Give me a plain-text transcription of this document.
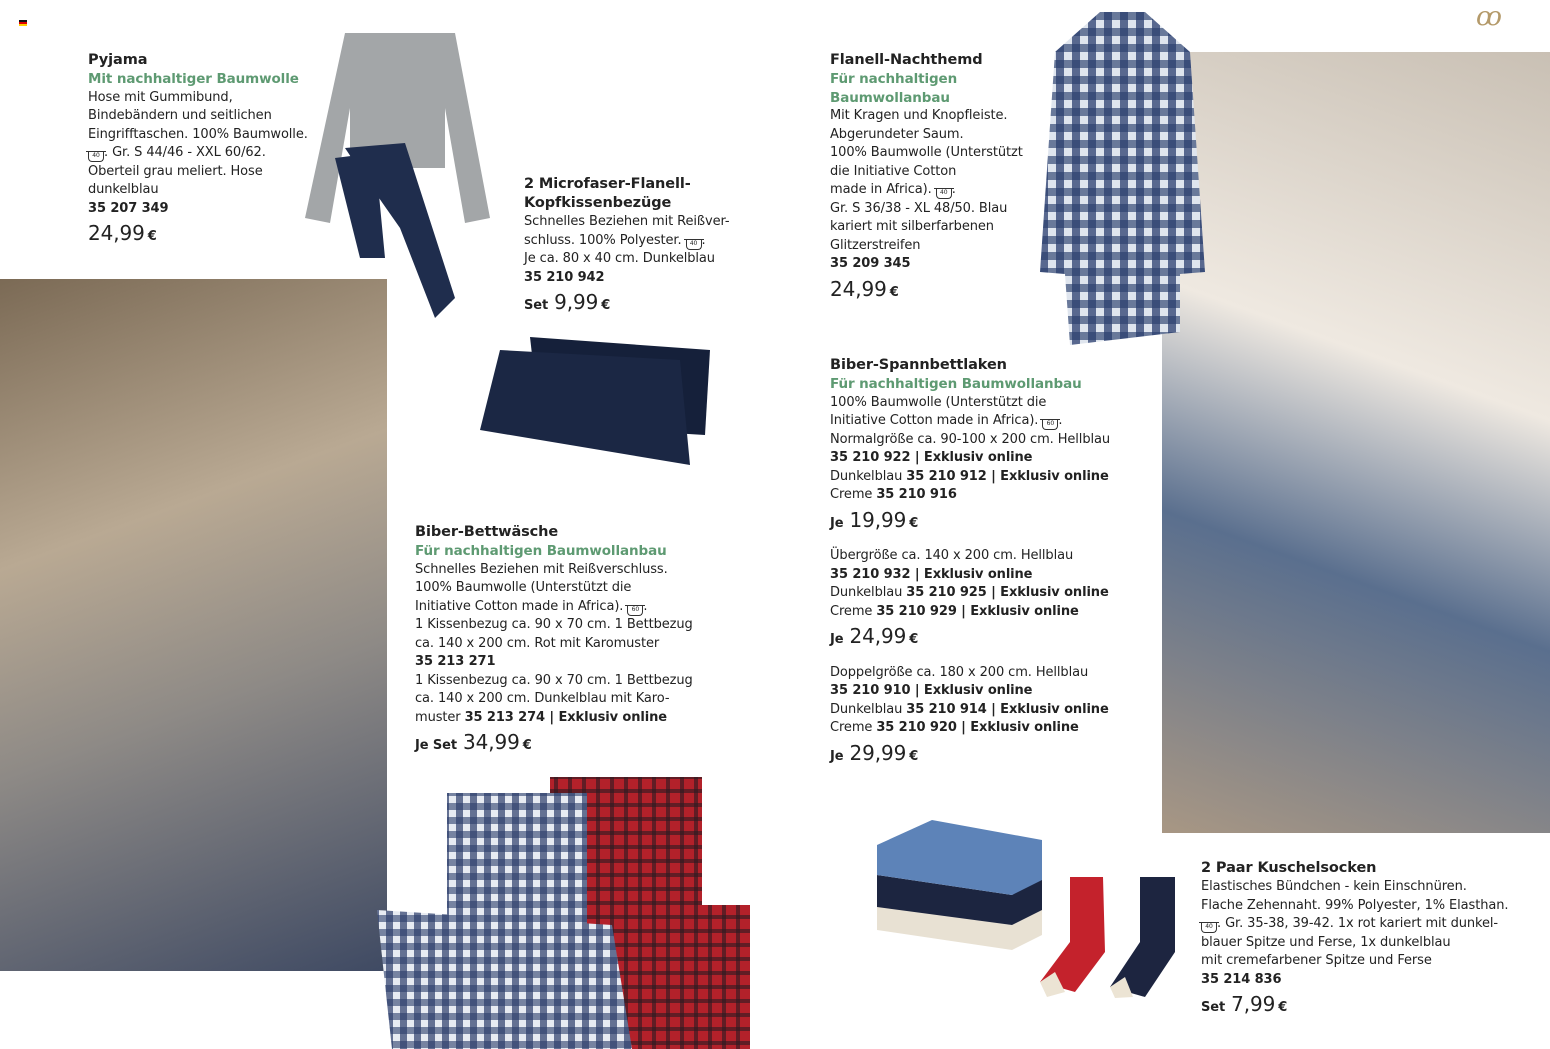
ꝏ
Pyjama
Mit nachhaltiger Baumwolle
Hose mit Gummibund,
Bindebändern und seitlichen
Eingrifftaschen. 100% Baumwolle.
40 . Gr. S 44/46 - XXL 60/62.
Oberteil grau meliert. Hose
dunkelblau
35 207 349
24,99 €
2 Microfaser-Flanell-Kopfkissenbezüge
Schnelles Beziehen mit Reißver-
schluss. 100% Polyester. 40 .
Je ca. 80 x 40 cm. Dunkelblau
35 210 942
Set 9,99 €
Flanell-Nachthemd
Für nachhaltigen Baumwollanbau
Mit Kragen und Knopfleiste.
Abgerundeter Saum.
100% Baumwolle (Unterstützt
die Initiative Cotton
made in Africa). 40 .
Gr. S 36/38 - XL 48/50. Blau
kariert mit silberfarbenen
Glitzerstreifen
35 209 345
24,99 €
Biber-Spannbettlaken
Für nachhaltigen Baumwollanbau
100% Baumwolle (Unterstützt die
Initiative Cotton made in Africa). 60 .
Normalgröße ca. 90-100 x 200 cm. Hellblau
35 210 922 | Exklusiv online
Dunkelblau 35 210 912 | Exklusiv online
Creme 35 210 916
Je 19,99 €
Übergröße ca. 140 x 200 cm. Hellblau
35 210 932 | Exklusiv online
Dunkelblau 35 210 925 | Exklusiv online
Creme 35 210 929 | Exklusiv online
Je 24,99 €
Doppelgröße ca. 180 x 200 cm. Hellblau
35 210 910 | Exklusiv online
Dunkelblau 35 210 914 | Exklusiv online
Creme 35 210 920 | Exklusiv online
Je 29,99 €
Biber-Bettwäsche
Für nachhaltigen Baumwollanbau
Schnelles Beziehen mit Reißverschluss.
100% Baumwolle (Unterstützt die
Initiative Cotton made in Africa). 60 .
1 Kissenbezug ca. 90 x 70 cm. 1 Bettbezug
ca. 140 x 200 cm. Rot mit Karomuster
35 213 271
1 Kissenbezug ca. 90 x 70 cm. 1 Bettbezug
ca. 140 x 200 cm. Dunkelblau mit Karo-
muster 35 213 274 | Exklusiv online
Je Set 34,99 €
2 Paar Kuschelsocken
Elastisches Bündchen - kein Einschnüren.
Flache Zehennaht. 99% Polyester, 1% Elasthan.
40 . Gr. 35-38, 39-42. 1x rot kariert mit dunkel-
blauer Spitze und Ferse, 1x dunkelblau
mit cremefarbener Spitze und Ferse
35 214 836
Set 7,99 €
